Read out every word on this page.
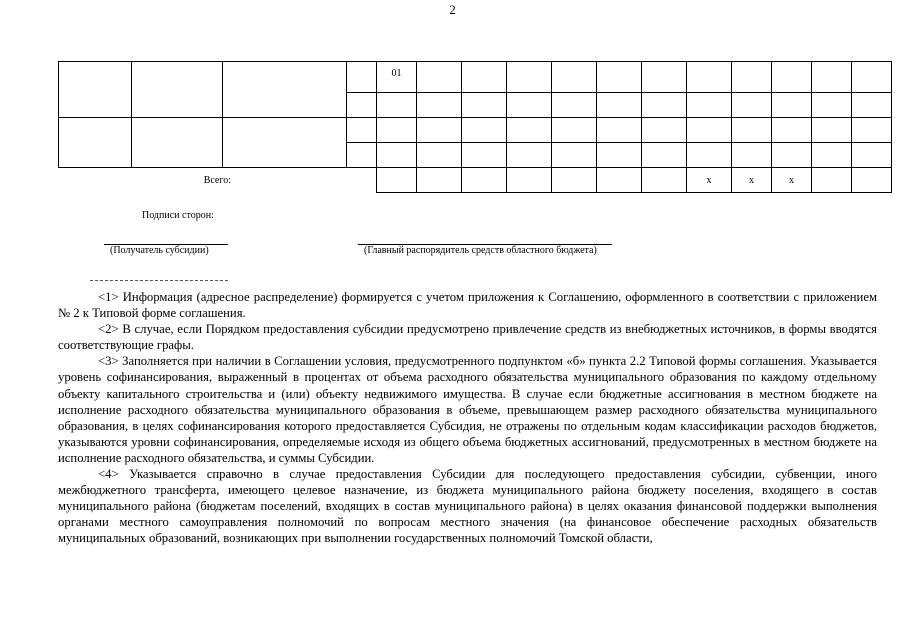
2
				01											

Всего:											x	x	x		
Подписи сторон:
(Получатель субсидии)	(Главный распорядитель средств областного бюджета)

<1> Информация (адресное распределение) формируется с учетом приложения к Соглашению, оформленного в соответствии с приложением № 2 к Типовой форме соглашения.

<2> В случае, если Порядком предоставления субсидии предусмотрено привлечение средств из внебюджетных источников, в формы вводятся соответствующие графы.

<3> Заполняется при наличии в Соглашении условия, предусмотренного подпунктом «б» пункта 2.2 Типовой формы соглашения. Указывается уровень софинансирования, выраженный в процентах от объема расходного обязательства муниципального образования по каждому отдельному объекту капитального строительства и (или) объекту недвижимого имущества. В случае если бюджетные ассигнования в местном бюджете на исполнение расходного обязательства муниципального образования в объеме, превышающем размер расходного обязательства муниципального образования, в целях софинансирования которого предоставляется Субсидия, не отражены по отдельным кодам классификации расходов бюджетов, указываются уровни софинансирования, определяемые исходя из общего объема бюджетных ассигнований, предусмотренных в местном бюджете на исполнение расходного обязательства, и суммы Субсидии.

<4> Указывается справочно в случае предоставления Субсидии для последующего предоставления субсидии, субвенции, иного межбюджетного трансферта, имеющего целевое назначение, из бюджета муниципального района бюджету поселения, входящего в состав муниципального района (бюджетам поселений, входящих в состав муниципального района) в целях оказания финансовой поддержки выполнения органами местного самоуправления полномочий по вопросам местного значения (на финансовое обеспечение расходных обязательств муниципальных образований, возникающих при выполнении государственных полномочий Томской области,
